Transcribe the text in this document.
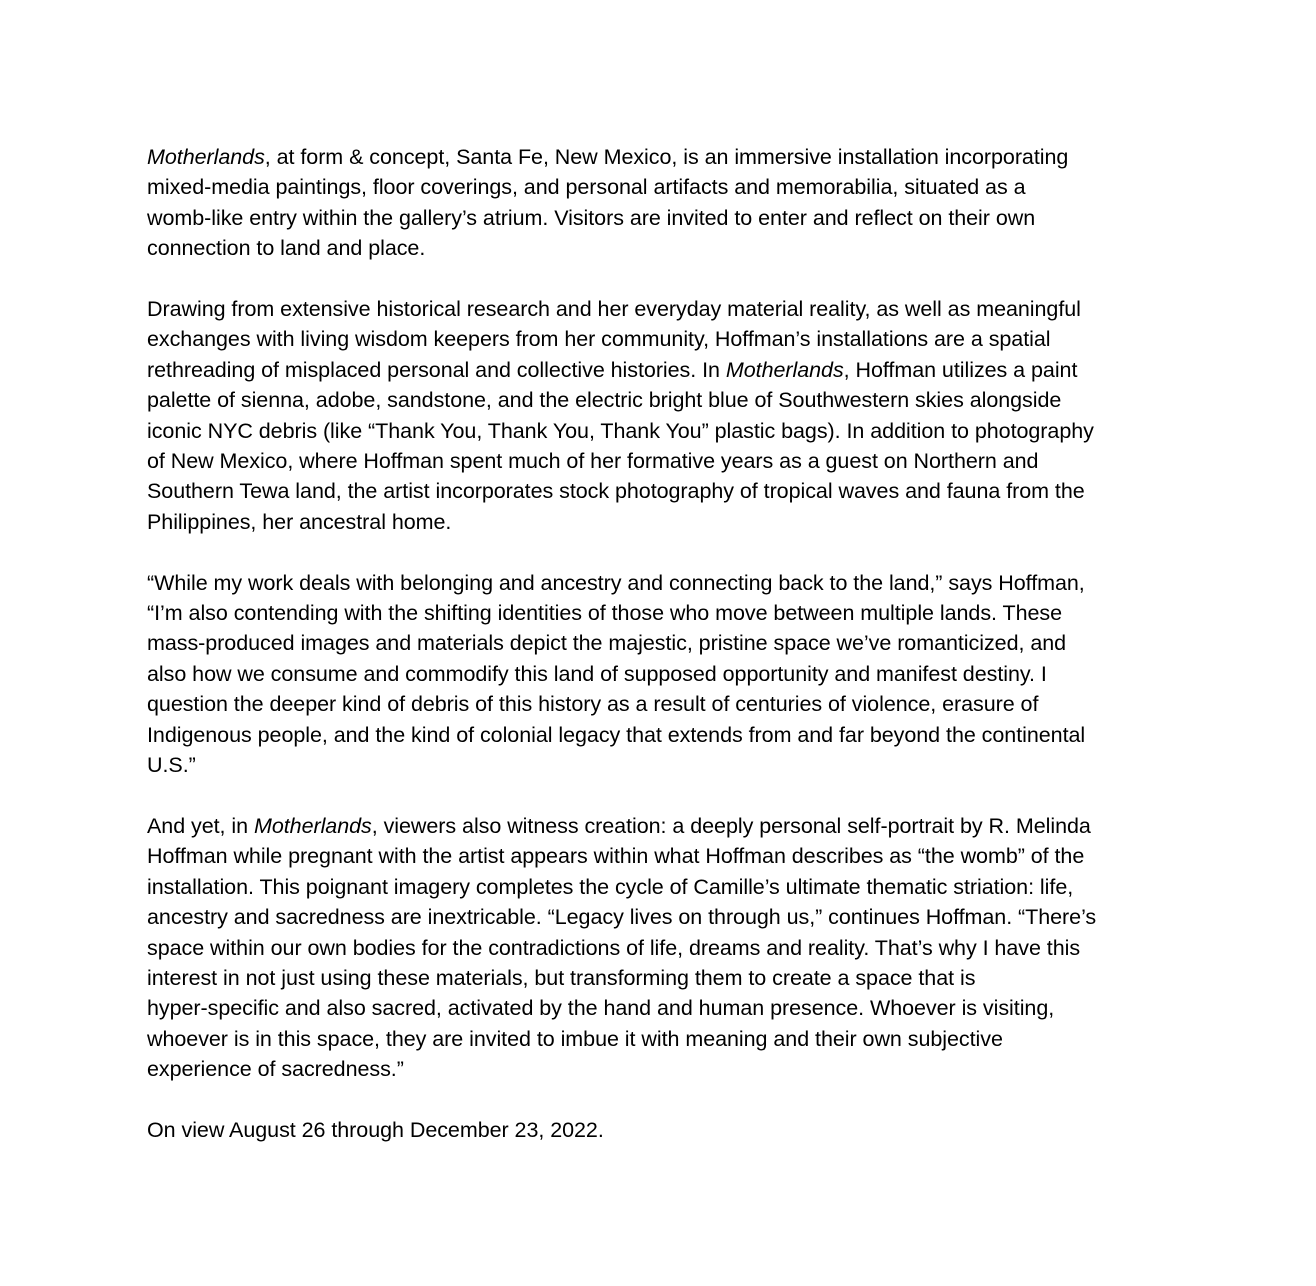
Motherlands, at form & concept, Santa Fe, New Mexico, is an immersive installation incorporating
mixed-media paintings, floor coverings, and personal artifacts and memorabilia, situated as a
womb-like entry within the gallery’s atrium. Visitors are invited to enter and reflect on their own
connection to land and place.

Drawing from extensive historical research and her everyday material reality, as well as meaningful
exchanges with living wisdom keepers from her community, Hoffman’s installations are a spatial
rethreading of misplaced personal and collective histories. In Motherlands, Hoffman utilizes a paint
palette of sienna, adobe, sandstone, and the electric bright blue of Southwestern skies alongside
iconic NYC debris (like “Thank You, Thank You, Thank You” plastic bags). In addition to photography
of New Mexico, where Hoffman spent much of her formative years as a guest on Northern and
Southern Tewa land, the artist incorporates stock photography of tropical waves and fauna from the
Philippines, her ancestral home.

“While my work deals with belonging and ancestry and connecting back to the land,” says Hoffman,
“I’m also contending with the shifting identities of those who move between multiple lands. These
mass-produced images and materials depict the majestic, pristine space we’ve romanticized, and
also how we consume and commodify this land of supposed opportunity and manifest destiny. I
question the deeper kind of debris of this history as a result of centuries of violence, erasure of
Indigenous people, and the kind of colonial legacy that extends from and far beyond the continental
U.S.”

And yet, in Motherlands, viewers also witness creation: a deeply personal self-portrait by R. Melinda
Hoffman while pregnant with the artist appears within what Hoffman describes as “the womb” of the
installation. This poignant imagery completes the cycle of Camille’s ultimate thematic striation: life,
ancestry and sacredness are inextricable. “Legacy lives on through us,” continues Hoffman. “There’s
space within our own bodies for the contradictions of life, dreams and reality. That’s why I have this
interest in not just using these materials, but transforming them to create a space that is
hyper-specific and also sacred, activated by the hand and human presence. Whoever is visiting,
whoever is in this space, they are invited to imbue it with meaning and their own subjective
experience of sacredness.”

On view August 26 through December 23, 2022.
